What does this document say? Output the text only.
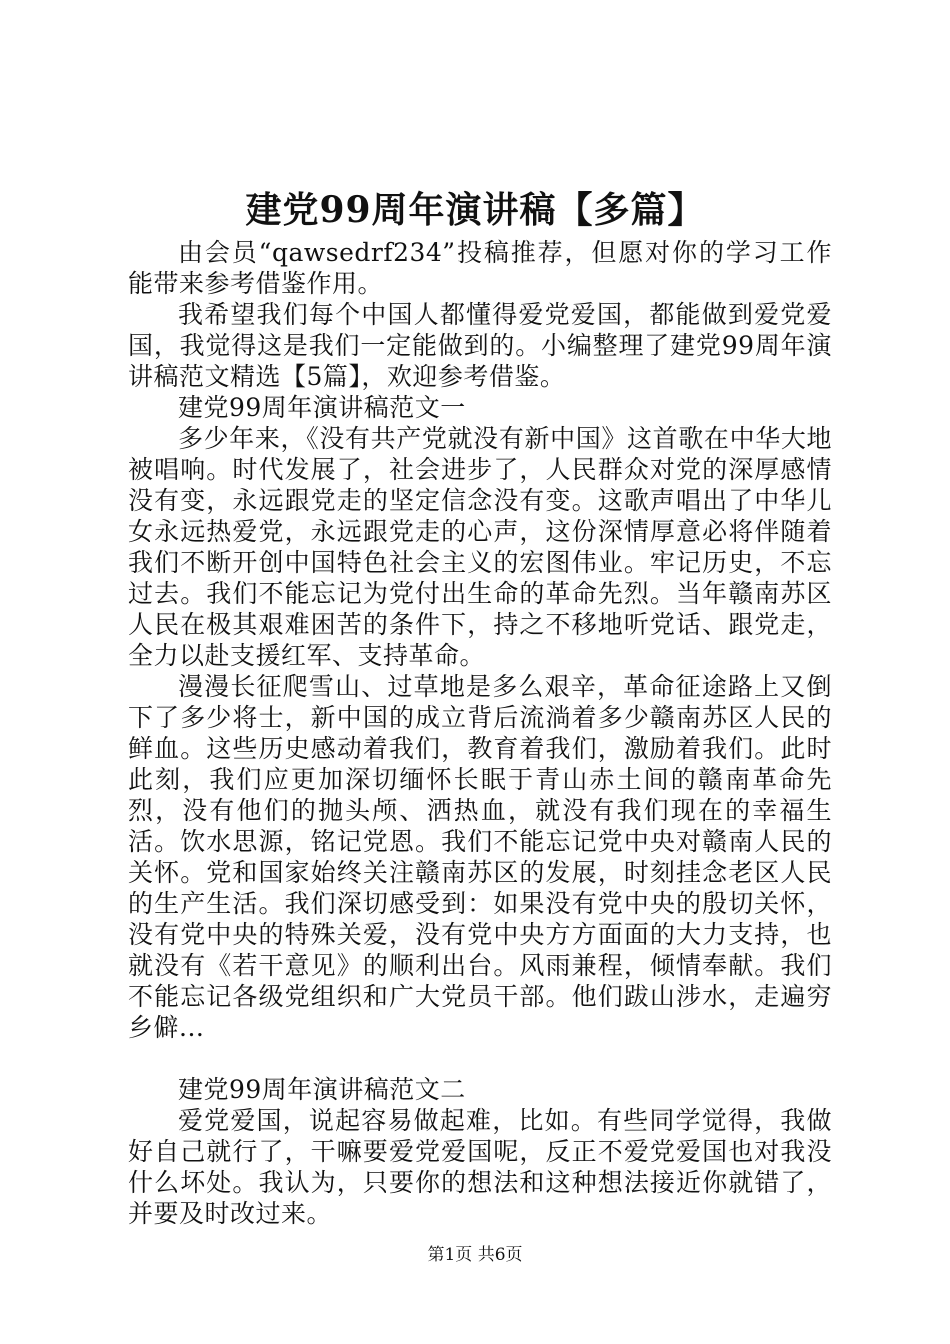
建党99周年演讲稿【多篇】

由会员“qawsedrf234”投稿推荐，但愿对你的学习工作能带来参考借鉴作用。

我希望我们每个中国人都懂得爱党爱国，都能做到爱党爱国，我觉得这是我们一定能做到的。小编整理了建党99周年演讲稿范文精选【5篇】，欢迎参考借鉴。

建党99周年演讲稿范文一

多少年来，《没有共产党就没有新中国》这首歌在中华大地被唱响。时代发展了，社会进步了，人民群众对党的深厚感情没有变，永远跟党走的坚定信念没有变。这歌声唱出了中华儿女永远热爱党，永远跟党走的心声，这份深情厚意必将伴随着我们不断开创中国特色社会主义的宏图伟业。牢记历史，不忘过去。我们不能忘记为党付出生命的革命先烈。当年赣南苏区人民在极其艰难困苦的条件下，持之不移地听党话、跟党走，全力以赴支援红军、支持革命。

漫漫长征爬雪山、过草地是多么艰辛，革命征途路上又倒下了多少将士，新中国的成立背后流淌着多少赣南苏区人民的鲜血。这些历史感动着我们，教育着我们，激励着我们。此时此刻，我们应更加深切缅怀长眠于青山赤土间的赣南革命先烈，没有他们的抛头颅、洒热血，就没有我们现在的幸福生活。饮水思源，铭记党恩。我们不能忘记党中央对赣南人民的关怀。党和国家始终关注赣南苏区的发展，时刻挂念老区人民的生产生活。我们深切感受到：如果没有党中央的殷切关怀，没有党中央的特殊关爱，没有党中央方方面面的大力支持，也就没有《若干意见》的顺利出台。风雨兼程，倾情奉献。我们不能忘记各级党组织和广大党员干部。他们跋山涉水，走遍穷乡僻...

建党99周年演讲稿范文二

爱党爱国，说起容易做起难，比如。有些同学觉得，我做好自己就行了，干嘛要爱党爱国呢，反正不爱党爱国也对我没什么坏处。我认为，只要你的想法和这种想法接近你就错了，并要及时改过来。

第1页 共6页
